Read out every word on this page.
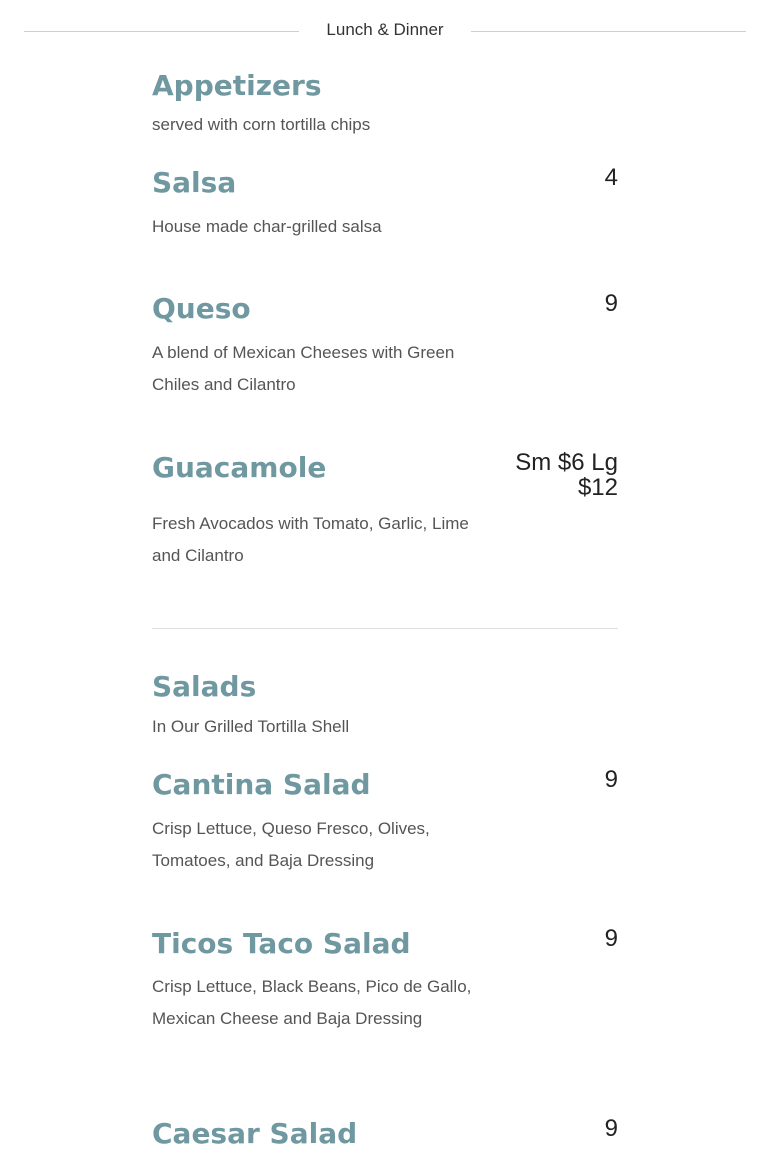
Lunch & Dinner
Appetizers
served with corn tortilla chips
Salsa	4
House made char-grilled salsa
Queso	9
A blend of Mexican Cheeses with Green Chiles and Cilantro
Guacamole	Sm $6 Lg $12
Fresh Avocados with Tomato, Garlic, Lime and Cilantro
Salads
In Our Grilled Tortilla Shell
Cantina Salad	9
Crisp Lettuce, Queso Fresco, Olives, Tomatoes, and Baja Dressing
Ticos Taco Salad	9
Crisp Lettuce, Black Beans, Pico de Gallo, Mexican Cheese and Baja Dressing
Caesar Salad	9
